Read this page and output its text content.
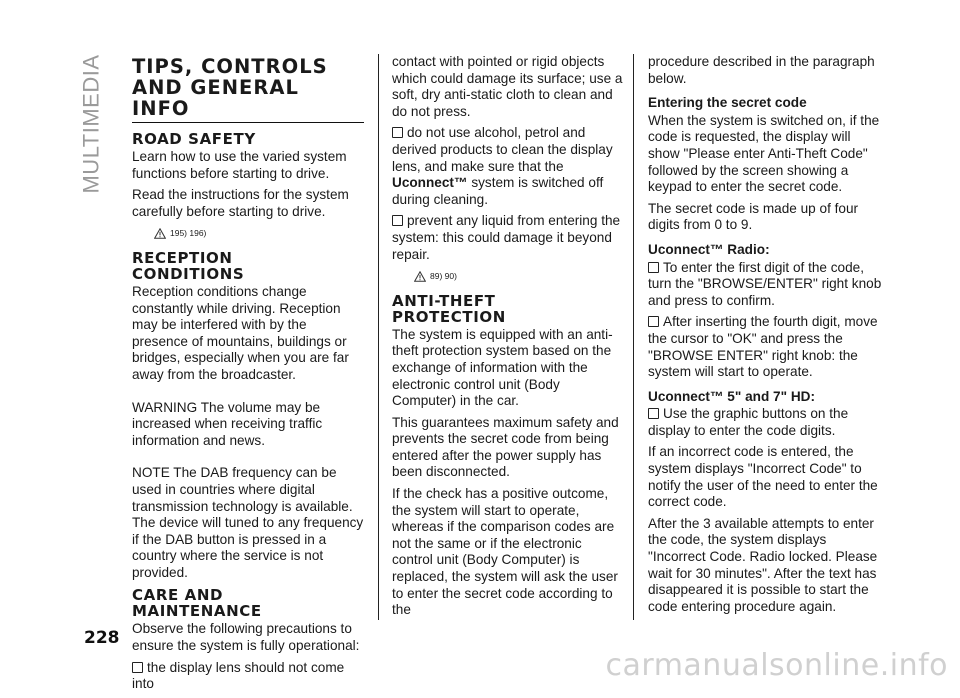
MULTIMEDIA TIPS, CONTROLS
AND GENERAL INFO
ROAD SAFETY

Learn how to use the varied system functions before starting to drive.

Read the instructions for the system carefully before starting to drive.

195) 196)
RECEPTION
CONDITIONS

Reception conditions change constantly while driving. Reception may be interfered with by the presence of mountains, buildings or bridges, especially when you are far away from the broadcaster.

WARNING The volume may be increased when receiving traffic information and news.

NOTE The DAB frequency can be used in countries where digital transmission technology is available. The device will tuned to any frequency if the DAB button is pressed in a country where the service is not provided.

CARE AND
MAINTENANCE

Observe the following precautions to ensure the system is fully operational:

the display lens should not come into

contact with pointed or rigid objects which could damage its surface; use a soft, dry anti-static cloth to clean and do not press.

do not use alcohol, petrol and derived products to clean the display lens, and make sure that the Uconnect™ system is switched off during cleaning.

prevent any liquid from entering the system: this could damage it beyond repair.

89) 90)
ANTI-THEFT
PROTECTION

The system is equipped with an anti-theft protection system based on the exchange of information with the electronic control unit (Body Computer) in the car.

This guarantees maximum safety and prevents the secret code from being entered after the power supply has been disconnected.

If the check has a positive outcome, the system will start to operate, whereas if the comparison codes are not the same or if the electronic control unit (Body Computer) is replaced, the system will ask the user to enter the secret code according to the

procedure described in the paragraph below.

Entering the secret code

When the system is switched on, if the code is requested, the display will show "Please enter Anti-Theft Code" followed by the screen showing a keypad to enter the secret code.

The secret code is made up of four digits from 0 to 9.

Uconnect™ Radio:

To enter the first digit of the code, turn the "BROWSE/ENTER" right knob and press to confirm.

After inserting the fourth digit, move the cursor to "OK" and press the "BROWSE ENTER" right knob: the system will start to operate.

Uconnect™ 5" and 7" HD:

Use the graphic buttons on the display to enter the code digits.

If an incorrect code is entered, the system displays "Incorrect Code" to notify the user of the need to enter the correct code.

After the 3 available attempts to enter the code, the system displays "Incorrect Code. Radio locked. Please wait for 30 minutes". After the text has disappeared it is possible to start the code entering procedure again.

228
carmanualsonline.info
